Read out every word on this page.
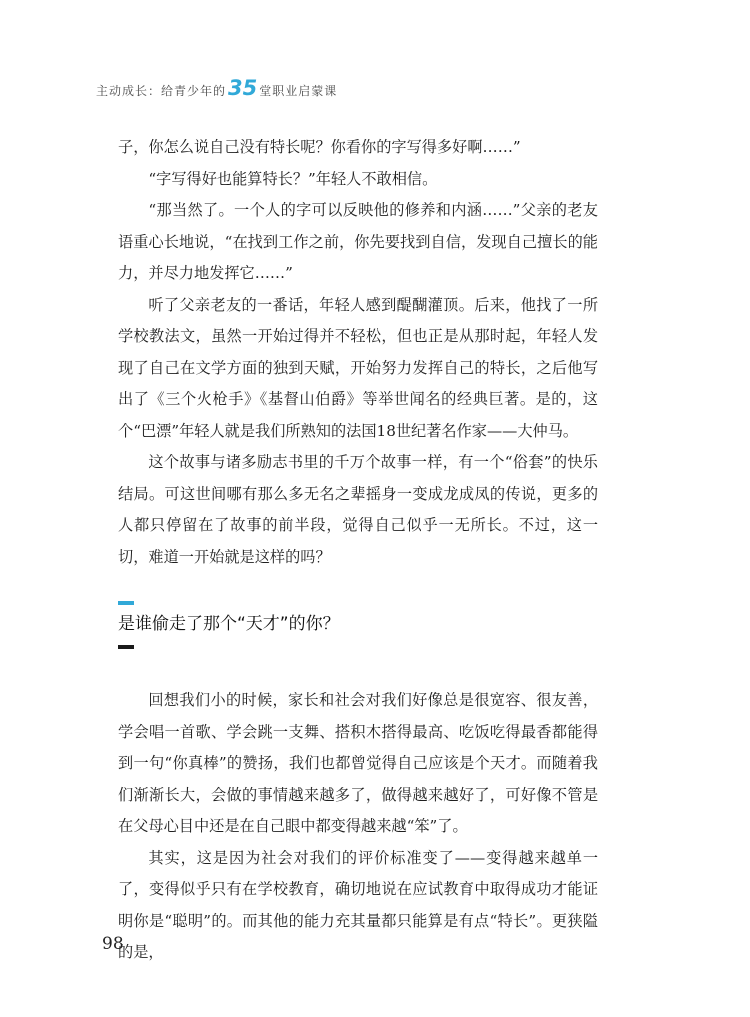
主动成长：给青少年的 35 堂职业启蒙课

子，你怎么说自己没有特长呢？你看你的字写得多好啊……”

“字写得好也能算特长？”年轻人不敢相信。

“那当然了。一个人的字可以反映他的修养和内涵……”父亲的老友语重心长地说，“在找到工作之前，你先要找到自信，发现自己擅长的能力，并尽力地发挥它……”

听了父亲老友的一番话，年轻人感到醍醐灌顶。后来，他找了一所学校教法文，虽然一开始过得并不轻松，但也正是从那时起，年轻人发现了自己在文学方面的独到天赋，开始努力发挥自己的特长，之后他写出了《三个火枪手》《基督山伯爵》等举世闻名的经典巨著。是的，这个“巴漂”年轻人就是我们所熟知的法国18世纪著名作家——大仲马。

这个故事与诸多励志书里的千万个故事一样，有一个“俗套”的快乐结局。可这世间哪有那么多无名之辈摇身一变成龙成凤的传说，更多的人都只停留在了故事的前半段，觉得自己似乎一无所长。不过，这一切，难道一开始就是这样的吗？

是谁偷走了那个“天才”的你？

回想我们小的时候，家长和社会对我们好像总是很宽容、很友善，学会唱一首歌、学会跳一支舞、搭积木搭得最高、吃饭吃得最香都能得到一句“你真棒”的赞扬，我们也都曾觉得自己应该是个天才。而随着我们渐渐长大，会做的事情越来越多了，做得越来越好了，可好像不管是在父母心目中还是在自己眼中都变得越来越“笨”了。

其实，这是因为社会对我们的评价标准变了——变得越来越单一了，变得似乎只有在学校教育，确切地说在应试教育中取得成功才能证明你是“聪明”的。而其他的能力充其量都只能算是有点“特长”。更狭隘的是，

98
